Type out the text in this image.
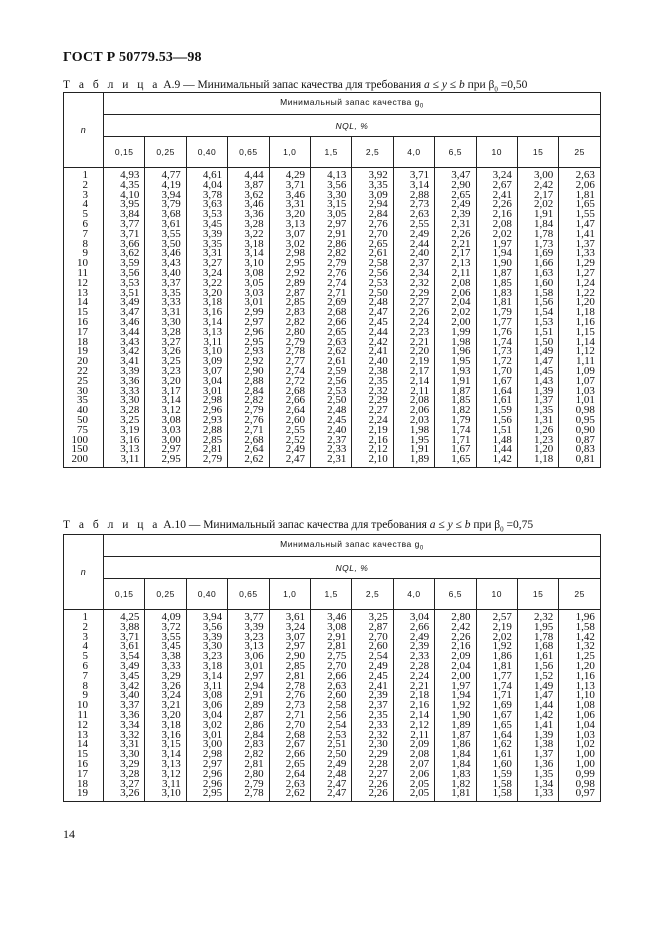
ГОСТ Р 50779.53—98
Т а б л и ц а А.9 — Минимальный запас качества для требования a ≤ y ≤ b при $\beta_0 =0,50$
n	Минимальный запас качества $g_0$
	NQL, %											
	0,15	0,25	0,40	0,65	1,0	1,5	2,5	4,0	6,5	10	15	25
1	4,93	4,77	4,61	4,44	4,29	4,13	3,92	3,71	3,47	3,24	3,00	2,63
2	4,35	4,19	4,04	3,87	3,71	3,56	3,35	3,14	2,90	2,67	2,42	2,06
3	4,10	3,94	3,78	3,62	3,46	3,30	3,09	2,88	2,65	2,41	2,17	1,81
4	3,95	3,79	3,63	3,46	3,31	3,15	2,94	2,73	2,49	2,26	2,02	1,65
5	3,84	3,68	3,53	3,36	3,20	3,05	2,84	2,63	2,39	2,16	1,91	1,55
6	3,77	3,61	3,45	3,28	3,13	2,97	2,76	2,55	2,31	2,08	1,84	1,47
7	3,71	3,55	3,39	3,22	3,07	2,91	2,70	2,49	2,26	2,02	1,78	1,41
8	3,66	3,50	3,35	3,18	3,02	2,86	2,65	2,44	2,21	1,97	1,73	1,37
9	3,62	3,46	3,31	3,14	2,98	2,82	2,61	2,40	2,17	1,94	1,69	1,33
10	3,59	3,43	3,27	3,10	2,95	2,79	2,58	2,37	2,13	1,90	1,66	1,29
11	3,56	3,40	3,24	3,08	2,92	2,76	2,56	2,34	2,11	1,87	1,63	1,27
12	3,53	3,37	3,22	3,05	2,89	2,74	2,53	2,32	2,08	1,85	1,60	1,24
13	3,51	3,35	3,20	3,03	2,87	2,71	2,50	2,29	2,06	1,83	1,58	1,22
14	3,49	3,33	3,18	3,01	2,85	2,69	2,48	2,27	2,04	1,81	1,56	1,20
15	3,47	3,31	3,16	2,99	2,83	2,68	2,47	2,26	2,02	1,79	1,54	1,18
16	3,46	3,30	3,14	2,97	2,82	2,66	2,45	2,24	2,00	1,77	1,53	1,16
17	3,44	3,28	3,13	2,96	2,80	2,65	2,44	2,23	1,99	1,76	1,51	1,15
18	3,43	3,27	3,11	2,95	2,79	2,63	2,42	2,21	1,98	1,74	1,50	1,14
19	3,42	3,26	3,10	2,93	2,78	2,62	2,41	2,20	1,96	1,73	1,49	1,12
20	3,41	3,25	3,09	2,92	2,77	2,61	2,40	2,19	1,95	1,72	1,47	1,11
22	3,39	3,23	3,07	2,90	2,74	2,59	2,38	2,17	1,93	1,70	1,45	1,09
25	3,36	3,20	3,04	2,88	2,72	2,56	2,35	2,14	1,91	1,67	1,43	1,07
30	3,33	3,17	3,01	2,84	2,68	2,53	2,32	2,11	1,87	1,64	1,39	1,03
35	3,30	3,14	2,98	2,82	2,66	2,50	2,29	2,08	1,85	1,61	1,37	1,01
40	3,28	3,12	2,96	2,79	2,64	2,48	2,27	2,06	1,82	1,59	1,35	0,98
50	3,25	3,08	2,93	2,76	2,60	2,45	2,24	2,03	1,79	1,56	1,31	0,95
75	3,19	3,03	2,88	2,71	2,55	2,40	2,19	1,98	1,74	1,51	1,26	0,90
100	3,16	3,00	2,85	2,68	2,52	2,37	2,16	1,95	1,71	1,48	1,23	0,87
150	3,13	2,97	2,81	2,64	2,49	2,33	2,12	1,91	1,67	1,44	1,20	0,83
200	3,11	2,95	2,79	2,62	2,47	2,31	2,10	1,89	1,65	1,42	1,18	0,81
Т а б л и ц а А.10 — Минимальный запас качества для требования a ≤ y ≤ b при $\beta_0 =0,75$
n	Минимальный запас качества $g_0$
	NQL, %											
	0,15	0,25	0,40	0,65	1,0	1,5	2,5	4,0	6,5	10	15	25
1	4,25	4,09	3,94	3,77	3,61	3,46	3,25	3,04	2,80	2,57	2,32	1,96
2	3,88	3,72	3,56	3,39	3,24	3,08	2,87	2,66	2,42	2,19	1,95	1,58
3	3,71	3,55	3,39	3,23	3,07	2,91	2,70	2,49	2,26	2,02	1,78	1,42
4	3,61	3,45	3,30	3,13	2,97	2,81	2,60	2,39	2,16	1,92	1,68	1,32
5	3,54	3,38	3,23	3,06	2,90	2,75	2,54	2,33	2,09	1,86	1,61	1,25
6	3,49	3,33	3,18	3,01	2,85	2,70	2,49	2,28	2,04	1,81	1,56	1,20
7	3,45	3,29	3,14	2,97	2,81	2,66	2,45	2,24	2,00	1,77	1,52	1,16
8	3,42	3,26	3,11	2,94	2,78	2,63	2,41	2,21	1,97	1,74	1,49	1,13
9	3,40	3,24	3,08	2,91	2,76	2,60	2,39	2,18	1,94	1,71	1,47	1,10
10	3,37	3,21	3,06	2,89	2,73	2,58	2,37	2,16	1,92	1,69	1,44	1,08
11	3,36	3,20	3,04	2,87	2,71	2,56	2,35	2,14	1,90	1,67	1,42	1,06
12	3,34	3,18	3,02	2,86	2,70	2,54	2,33	2,12	1,89	1,65	1,41	1,04
13	3,32	3,16	3,01	2,84	2,68	2,53	2,32	2,11	1,87	1,64	1,39	1,03
14	3,31	3,15	3,00	2,83	2,67	2,51	2,30	2,09	1,86	1,62	1,38	1,02
15	3,30	3,14	2,98	2,82	2,66	2,50	2,29	2,08	1,84	1,61	1,37	1,00
16	3,29	3,13	2,97	2,81	2,65	2,49	2,28	2,07	1,84	1,60	1,36	1,00
17	3,28	3,12	2,96	2,80	2,64	2,48	2,27	2,06	1,83	1,59	1,35	0,99
18	3,27	3,11	2,96	2,79	2,63	2,47	2,26	2,05	1,82	1,58	1,34	0,98
19	3,26	3,10	2,95	2,78	2,62	2,47	2,26	2,05	1,81	1,58	1,33	0,97
14
